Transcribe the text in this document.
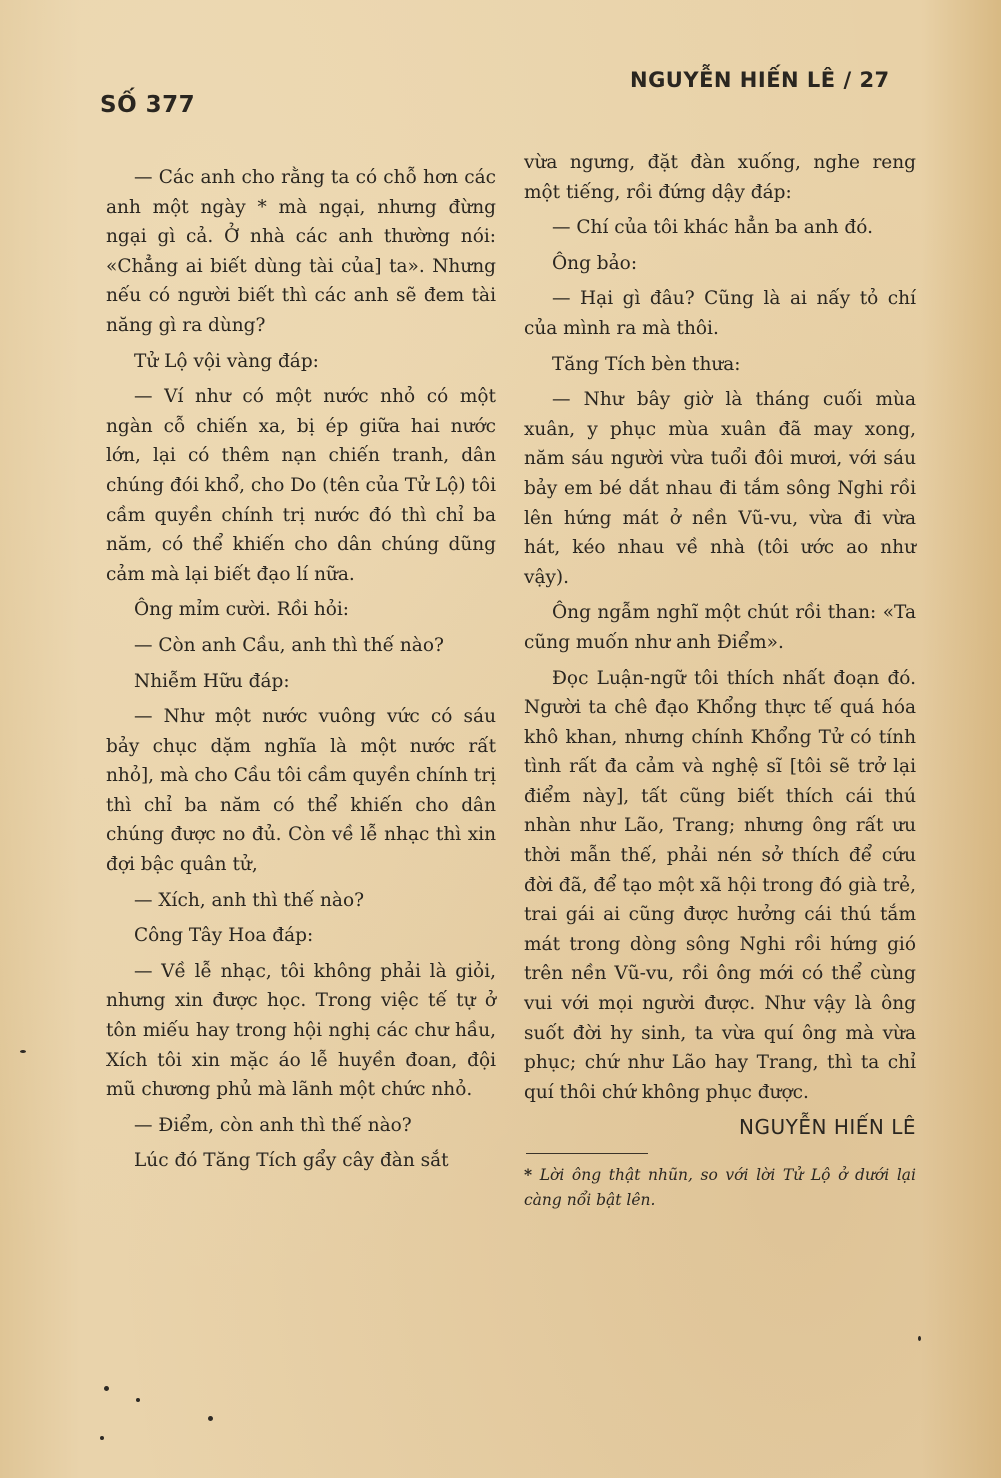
SỐ 377
NGUYỄN HIẾN LÊ / 27

— Các anh cho rằng ta có chỗ hơn các anh một ngày * mà ngại, nhưng đừng ngại gì cả. Ở nhà các anh thường nói: «Chẳng ai biết dùng tài của] ta». Nhưng nếu có người biết thì các anh sẽ đem tài năng gì ra dùng?

Tử Lộ vội vàng đáp:

— Ví như có một nước nhỏ có một ngàn cỗ chiến xa, bị ép giữa hai nước lớn, lại có thêm nạn chiến tranh, dân chúng đói khổ, cho Do (tên của Tử Lộ) tôi cầm quyền chính trị nước đó thì chỉ ba năm, có thể khiến cho dân chúng dũng cảm mà lại biết đạo lí nữa.

Ông mỉm cười. Rồi hỏi:

— Còn anh Cầu, anh thì thế nào?

Nhiễm Hữu đáp:

— Như một nước vuông vức có sáu bảy chục dặm nghĩa là một nước rất nhỏ], mà cho Cầu tôi cầm quyền chính trị thì chỉ ba năm có thể khiến cho dân chúng được no đủ. Còn về lễ nhạc thì xin đợi bậc quân tử,

— Xích, anh thì thế nào?

Công Tây Hoa đáp:

— Về lễ nhạc, tôi không phải là giỏi, nhưng xin được học. Trong việc tế tự ở tôn miếu hay trong hội nghị các chư hầu, Xích tôi xin mặc áo lễ huyền đoan, đội mũ chương phủ mà lãnh một chức nhỏ.

— Điểm, còn anh thì thế nào?

Lúc đó Tăng Tích gẩy cây đàn sắt

vừa ngưng, đặt đàn xuống, nghe reng một tiếng, rồi đứng dậy đáp:

— Chí của tôi khác hẳn ba anh đó.

Ông bảo:

— Hại gì đâu? Cũng là ai nấy tỏ chí của mình ra mà thôi.

Tăng Tích bèn thưa:

— Như bây giờ là tháng cuối mùa xuân, y phục mùa xuân đã may xong, năm sáu người vừa tuổi đôi mươi, với sáu bảy em bé dắt nhau đi tắm sông Nghi rồi lên hứng mát ở nền Vũ-vu, vừa đi vừa hát, kéo nhau về nhà (tôi ước ao như vậy).

Ông ngẫm nghĩ một chút rồi than: «Ta cũng muốn như anh Điểm».

Đọc Luận-ngữ tôi thích nhất đoạn đó. Người ta chê đạo Khổng thực tế quá hóa khô khan, nhưng chính Khổng Tử có tính tình rất đa cảm và nghệ sĩ [tôi sẽ trở lại điểm này], tất cũng biết thích cái thú nhàn như Lão, Trang; nhưng ông rất ưu thời mẫn thế, phải nén sở thích để cứu đời đã, để tạo một xã hội trong đó già trẻ, trai gái ai cũng được hưởng cái thú tắm mát trong dòng sông Nghi rồi hứng gió trên nền Vũ-vu, rồi ông mới có thể cùng vui với mọi người được. Như vậy là ông suốt đời hy sinh, ta vừa quí ông mà vừa phục; chứ như Lão hay Trang, thì ta chỉ quí thôi chứ không phục được.

NGUYỄN HIẾN LÊ

* Lời ông thật nhũn, so với lời Tử Lộ ở dưới lại càng nổi bật lên.
